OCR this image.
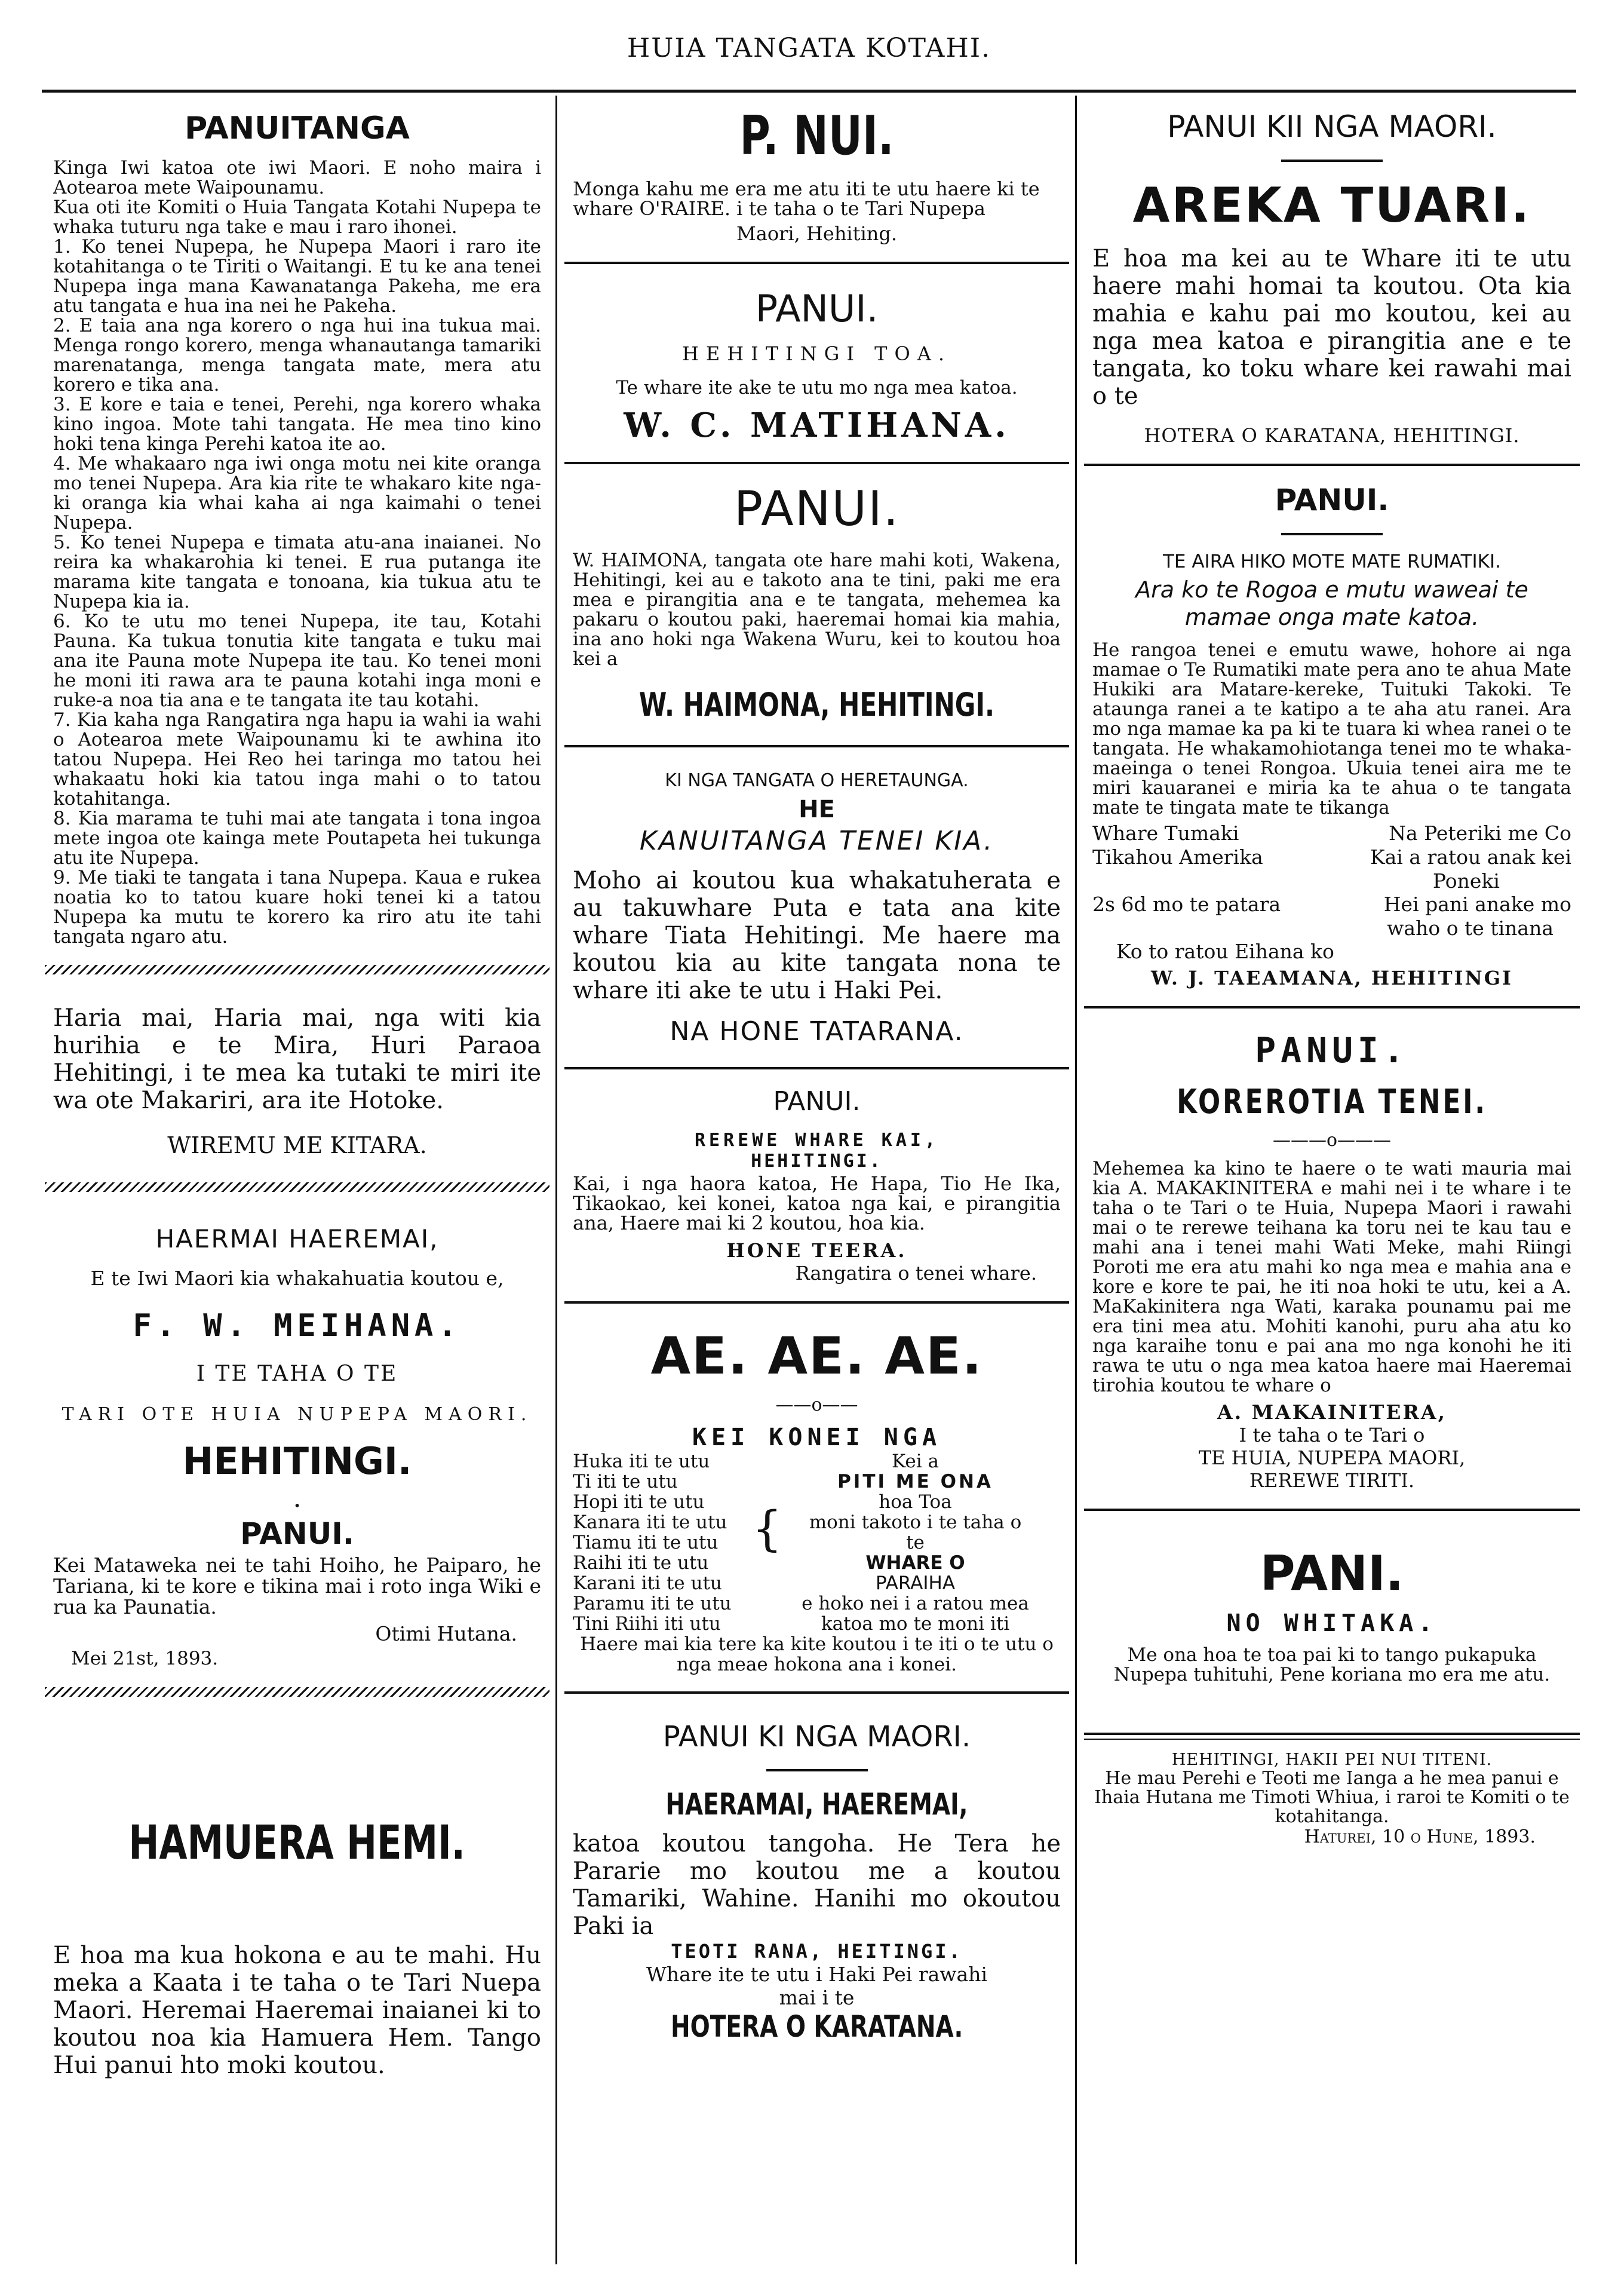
HUIA TANGATA KOTAHI.
PANUITANGA

Kinga Iwi katoa ote iwi Maori. E noho maira i Aotearoa mete Waipounamu.

Kua oti ite Komiti o Huia Tangata Kotahi Nupepa te whaka tuturu nga take e mau i raro ihonei.

1. Ko tenei Nupepa, he Nupepa Maori i raro ite kotahitanga o te Tiriti o Waitangi. E tu ke ana tenei Nupepa inga mana Kawanatanga Pakeha, me era atu tangata e hua ina nei he Pakeha.

2. E taia ana nga korero o nga hui ina tukua mai. Menga rongo korero, menga whanautanga tamariki marenatanga, menga tangata mate, mera atu korero e tika ana.

3. E kore e taia e tenei, Perehi, nga korero whaka kino ingoa. Mote tahi tangata. He mea tino kino hoki tena kinga Perehi katoa ite ao.

4. Me whakaaro nga iwi onga motu nei kite oranga mo tenei Nupepa. Ara kia rite te whakaro kite nga-ki oranga kia whai kaha ai nga kaimahi o tenei Nupepa.

5. Ko tenei Nupepa e timata atu-ana inaianei. No reira ka whakarohia ki tenei. E rua putanga ite marama kite tangata e tonoana, kia tukua atu te Nupepa kia ia.

6. Ko te utu mo tenei Nupepa, ite tau, Kotahi Pauna. Ka tukua tonutia kite tangata e tuku mai ana ite Pauna mote Nupepa ite tau. Ko tenei moni he moni iti rawa ara te pauna kotahi inga moni e ruke-a noa tia ana e te tangata ite tau kotahi.

7. Kia kaha nga Rangatira nga hapu ia wahi ia wahi o Aotearoa mete Waipounamu ki te awhina ito tatou Nupepa. Hei Reo hei taringa mo tatou hei whakaatu hoki kia tatou inga mahi o to tatou kotahitanga.

8. Kia marama te tuhi mai ate tangata i tona ingoa mete ingoa ote kainga mete Poutapeta hei tukunga atu ite Nupepa.

9. Me tiaki te tangata i tana Nupepa. Kaua e rukea noatia ko to tatou kuare hoki tenei ki a tatou Nupepa ka mutu te korero ka riro atu ite tahi tangata ngaro atu.

Haria mai, Haria mai, nga witi kia hurihia e te Mira, Huri Paraoa Hehitingi, i te mea ka tutaki te miri ite wa ote Makariri, ara ite Hotoke.

WIREMU ME KITARA.

HAERMAI HAEREMAI,
E te Iwi Maori kia whakahuatia koutou e,
F. W. MEIHANA.
I TE TAHA O TE
TARI OTE HUIA NUPEPA MAORI.
HEHITINGI.
•
PANUI.

Kei Mataweka nei te tahi Hoiho, he Paiparo, he Tariana, ki te kore e tikina mai i roto inga Wiki e rua ka Paunatia.

Otimi Hutana.

Mei 21st, 1893.

HAMUERA HEMI.

E hoa ma kua hokona e au te mahi. Hu meka a Kaata i te taha o te Tari Nuepa Maori. Heremai Haeremai inaianei ki to koutou noa kia Hamuera Hem. Tango Hui panui hto moki koutou.

P. NUI.

Monga kahu me era me atu iti te utu haere ki te whare O'RAIRE. i te taha o te Tari Nupepa

Maori, Hehiting.

PANUI.
HEHITINGI TOA.
Te whare ite ake te utu mo nga mea katoa.
W. C. MATIHANA.
PANUI.

W. HAIMONA, tangata ote hare mahi koti, Wakena, Hehitingi, kei au e takoto ana te tini, paki me era mea e pirangitia ana e te tangata, mehemea ka pakaru o koutou paki, haeremai homai kia mahia, ina ano hoki nga Wakena Wuru, kei to koutou hoa kei a

W. HAIMONA, HEHITINGI.
KI NGA TANGATA O HERETAUNGA.
HE
KANUITANGA TENEI KIA.

Moho ai koutou kua whakatuherata e au takuwhare Puta e tata ana kite whare Tiata Hehitingi. Me haere ma koutou kia au kite tangata nona te whare iti ake te utu i Haki Pei.

NA HONE TATARANA.
PANUI.
REREWE WHARE KAI,
HEHITINGI.

Kai, i nga haora katoa, He Hapa, Tio He Ika, Tikaokao, kei konei, katoa nga kai, e pirangitia ana, Haere mai ki 2 koutou, hoa kia.

HONE TEERA.
Rangatira o tenei whare.
AE. AE. AE.
——o——
KEI KONEI NGA
Huka iti te utu
Ti iti te utu
Hopi iti te utu
Kanara iti te utu
Tiamu iti te utu
Raihi iti te utu
Karani iti te utu
Paramu iti te utu
Tini Riihi iti utu
{
Kei a
PITI ME ONA
hoa Toa
moni takoto i te taha o
te
WHARE O
PARAIHA
e hoko nei i a ratou mea
katoa mo te moni iti

Haere mai kia tere ka kite koutou i te iti o te utu o nga meae hokona ana i konei.

PANUI KI NGA MAORI.
HAERAMAI, HAEREMAI,

katoa koutou tangoha. He Tera he Pararie mo koutou me a koutou Tamariki, Wahine. Hanihi mo okoutou Paki ia

TEOTI RANA, HEITINGI.
Whare ite te utu i Haki Pei rawahi
mai i te
HOTERA O KARATANA.
PANUI KII NGA MAORI.
AREKA TUARI.

E hoa ma kei au te Whare iti te utu haere mahi homai ta koutou. Ota kia mahia e kahu pai mo koutou, kei au nga mea katoa e pirangitia ane e te tangata, ko toku whare kei rawahi mai o te

HOTERA O KARATANA, HEHITINGI.
PANUI.
TE AIRA HIKO MOTE MATE RUMATIKI.
Ara ko te Rogoa e mutu waweai te mamae onga mate katoa.

He rangoa tenei e emutu wawe, hohore ai nga mamae o Te Rumatiki mate pera ano te ahua Mate Hukiki ara Matare-kereke, Tuituki Takoki. Te ataunga ranei a te katipo a te aha atu ranei. Ara mo nga mamae ka pa ki te tuara ki whea ranei o te tangata. He whakamohiotanga tenei mo te whaka-maeinga o tenei Rongoa. Ukuia tenei aira me te miri kauaranei e miria ka te ahua o te tangata mate te tingata mate te tikanga

Whare Tumaki	Na Peteriki me Co
Tikahou Amerika	Kai a ratou anak kei
Poneki
2s 6d mo te patara	Hei pani anake mo
waho o te tinana
Ko to ratou Eihana ko
W. J. TAEAMANA, HEHITINGI
PANUI.
KOREROTIA TENEI.
———o———

Mehemea ka kino te haere o te wati mauria mai kia A. MAKAKINITERA e mahi nei i te whare i te taha o te Tari o te Huia, Nupepa Maori i rawahi mai o te rerewe teihana ka toru nei te kau tau e mahi ana i tenei mahi Wati Meke, mahi Riingi Poroti me era atu mahi ko nga mea e mahia ana e kore e kore te pai, he iti noa hoki te utu, kei a A. MaKakinitera nga Wati, karaka pounamu pai me era tini mea atu. Mohiti kanohi, puru aha atu ko nga karaihe tonu e pai ana mo nga konohi he iti rawa te utu o nga mea katoa haere mai Haeremai tirohia koutou te whare o

A. MAKAINITERA,
I te taha o te Tari o
TE HUIA, NUPEPA MAORI,
REREWE TIRITI.
PANI.
NO WHITAKA.

Me ona hoa te toa pai ki to tango pukapuka Nupepa tuhituhi, Pene koriana mo era me atu.

HEHITINGI, HAKII PEI NUI TITENI.

He mau Perehi e Teoti me Ianga a he mea panui e Ihaia Hutana me Timoti Whiua, i raroi te Komiti o te kotahitanga.

Haturei, 10 o Hune, 1893.
